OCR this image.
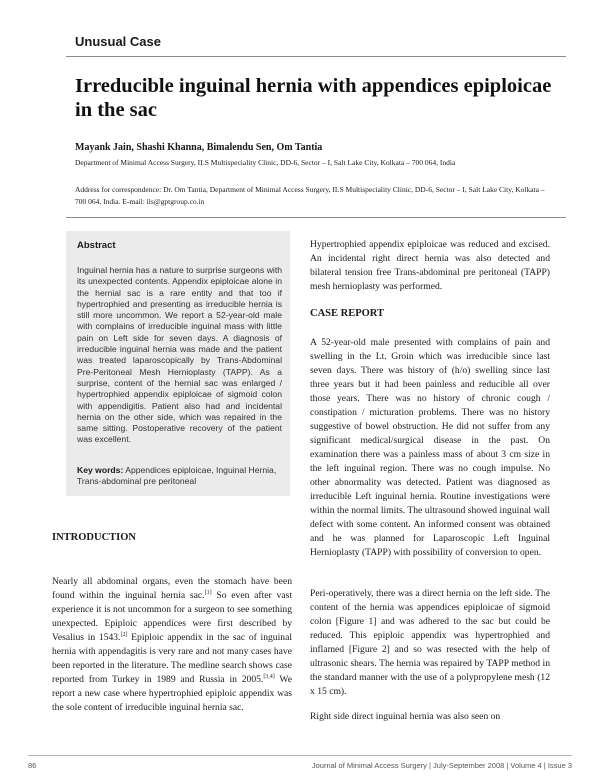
Unusual Case
Irreducible inguinal hernia with appendices epiploicae in the sac
Mayank Jain, Shashi Khanna, Bimalendu Sen, Om Tantia
Department of Minimal Access Surgery, ILS Multispeciality Clinic, DD-6, Sector – I, Salt Lake City, Kolkata – 700 064, India
Address for correspondence: Dr. Om Tantia, Department of Minimal Access Surgery, ILS Multispeciality Clinic, DD-6, Sector – I, Salt Lake City, Kolkata – 700 064, India. E-mail: ils@gptgroup.co.in
Abstract
Inguinal hernia has a nature to surprise surgeons with its unexpected contents. Appendix epiploicae alone in the hernial sac is a rare entity and that too if hypertrophied and presenting as irreducible hernia is still more uncommon. We report a 52-year-old male with complains of irreducible inguinal mass with little pain on Left side for seven days. A diagnosis of irreducible inguinal hernia was made and the patient was treated laparoscopically by Trans-Abdominal Pre-Peritoneal Mesh Hernioplasty (TAPP). As a surprise, content of the hernial sac was enlarged / hypertrophied appendix epiploicae of sigmoid colon with appendigitis. Patient also had and incidental hernia on the other side, which was repaired in the same sitting. Postoperative recovery of the patient was excellent.
Key words: Appendices epiploicae, Inguinal Hernia, Trans-abdominal pre peritoneal
INTRODUCTION
Nearly all abdominal organs, even the stomach have been found within the inguinal hernia sac.[1] So even after vast experience it is not uncommon for a surgeon to see something unexpected. Epiploic appendices were first described by Vesalius in 1543.[2] Epiploic appendix in the sac of inguinal hernia with appendagitis is very rare and not many cases have been reported in the literature. The medline search shows case reported from Turkey in 1989 and Russia in 2005.[3,4] We report a new case where hypertrophied epiploic appendix was the sole content of irreducible inguinal hernia sac.
Hypertrophied appendix epiploicae was reduced and excised. An incidental right direct hernia was also detected and bilateral tension free Trans-abdominal pre peritoneal (TAPP) mesh hernioplasty was performed.
CASE REPORT
A 52-year-old male presented with complains of pain and swelling in the Lt. Groin which was irreducible since last seven days. There was history of (h/o) swelling since last three years but it had been painless and reducible all over those years. There was no history of chronic cough / constipation / micturation problems. There was no history suggestive of bowel obstruction. He did not suffer from any significant medical/surgical disease in the past. On examination there was a painless mass of about 3 cm size in the left inguinal region. There was no cough impulse. No other abnormality was detected. Patient was diagnosed as irreducible Left inguinal hernia. Routine investigations were within the normal limits. The ultrasound showed inguinal wall defect with some content. An informed consent was obtained and he was planned for Laparoscopic Left Inguinal Hernioplasty (TAPP) with possibility of conversion to open.
Peri-operatively, there was a direct hernia on the left side. The content of the hernia was appendices epiploicae of sigmoid colon [Figure 1] and was adhered to the sac but could be reduced. This epiploic appendix was hypertrophied and inflamed [Figure 2] and so was resected with the help of ultrasonic shears. The hernia was repaired by TAPP method in the standard manner with the use of a polypropylene mesh (12 x 15 cm).
Right side direct inguinal hernia was also seen on
86	Journal of Minimal Access Surgery | July-September 2008 | Volume 4 | Issue 3
